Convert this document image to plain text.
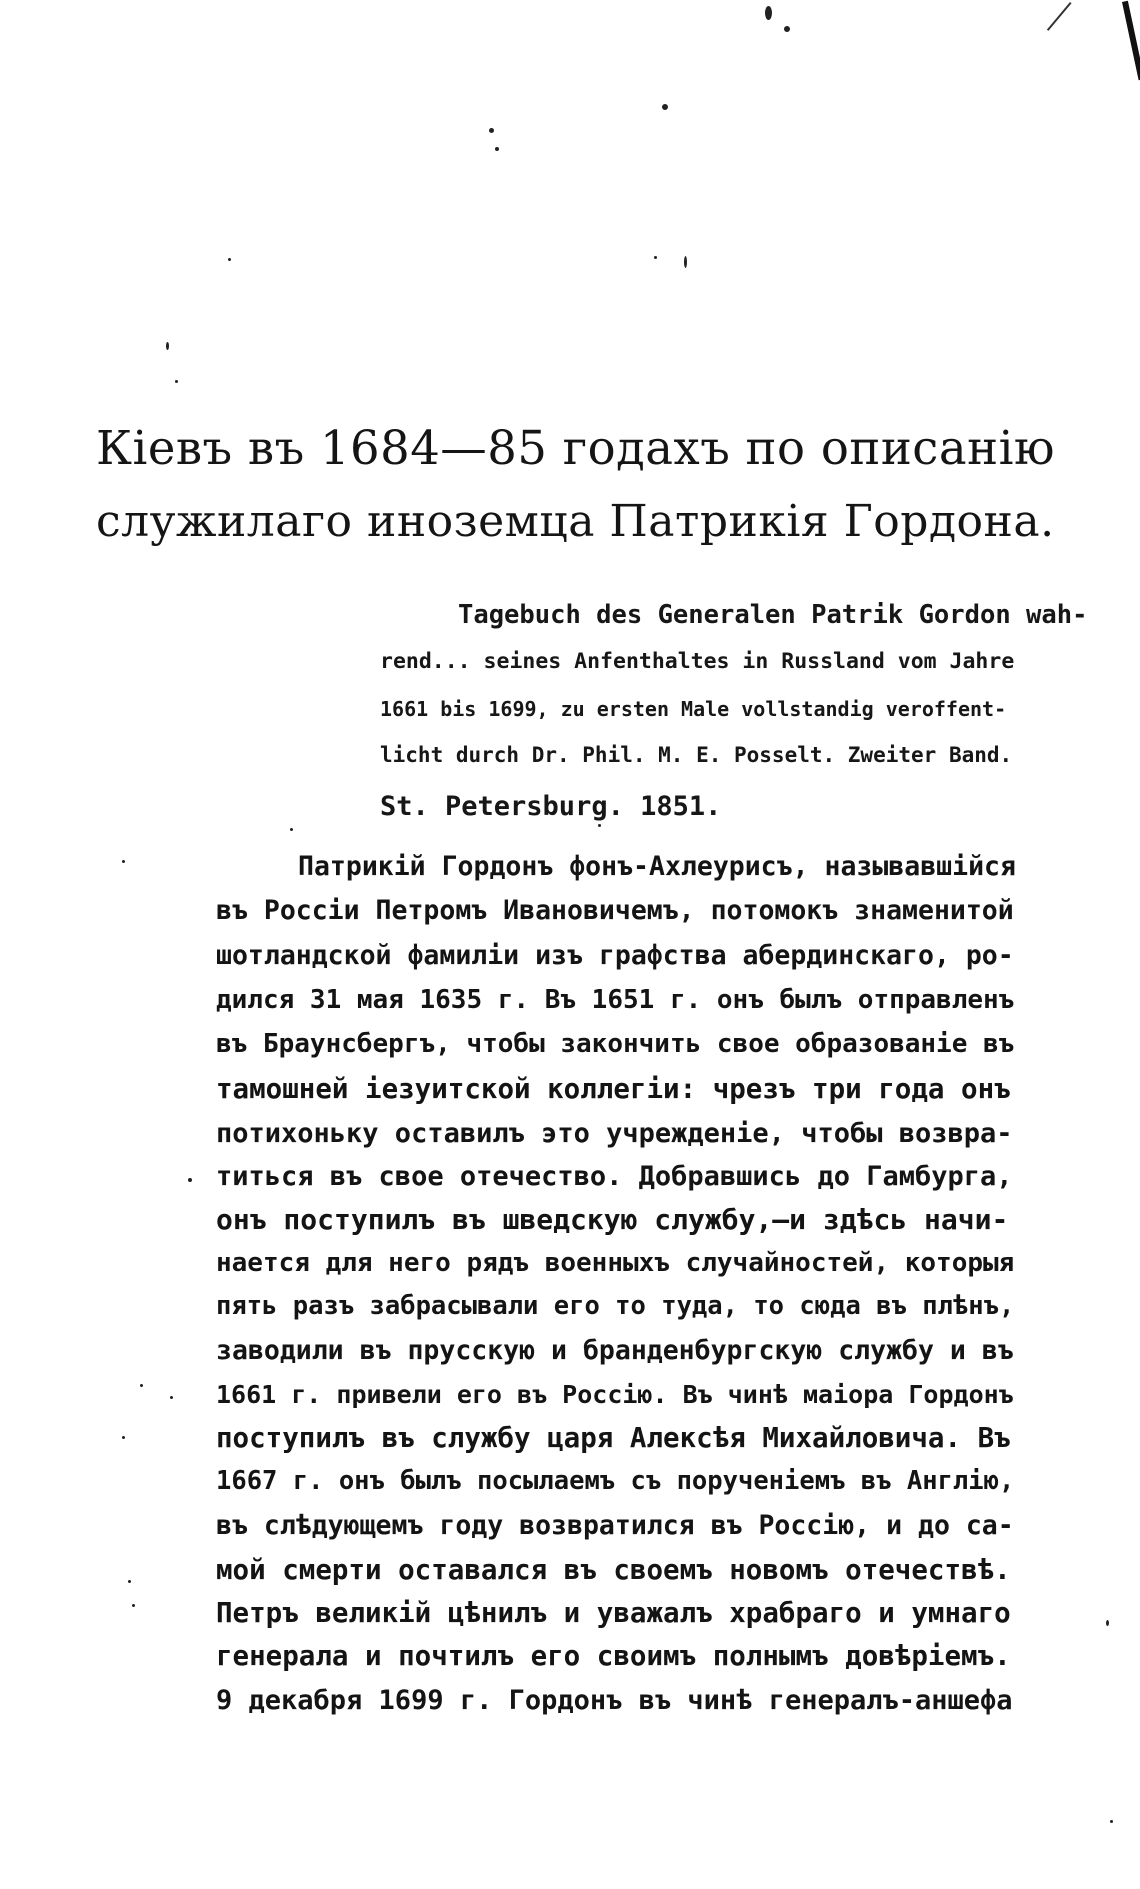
Кіевъ въ 1684—85 годахъ по описанію
служилаго иноземца Патрикія Гордона.
Tagebuch des Generalen Patrik Gordon wah-
rend... seines Anfenthaltes in Russland vom Jahre
1661 bis 1699, zu ersten Male vollstandig veroffent-
licht durch Dr. Phil. M. E. Posselt. Zweiter Band.
St. Petersburg. 1851.
Патрикій Гордонъ фонъ-Ахлеурисъ, называвшійся
въ Россіи Петромъ Ивановичемъ, потомокъ знаменитой
шотландской фамиліи изъ графства абердинскаго, ро-
дился 31 мая 1635 г. Въ 1651 г. онъ былъ отправленъ
въ Браунсбергъ, чтобы закончить свое образованіе въ
тамошней іезуитской коллегіи: чрезъ три года онъ
потихоньку оставилъ это учрежденіе, чтобы возвра-
титься въ свое отечество. Добравшись до Гамбурга,
онъ поступилъ въ шведскую службу,—и здѣсь начи-
нается для него рядъ военныхъ случайностей, которыя
пять разъ забрасывали его то туда, то сюда въ плѣнъ,
заводили въ прусскую и бранденбургскую службу и въ
1661 г. привели его въ Россію. Въ чинѣ маіора Гордонъ
поступилъ въ службу царя Алексѣя Михайловича. Въ
1667 г. онъ былъ посылаемъ съ порученіемъ въ Англію,
въ слѣдующемъ году возвратился въ Россію, и до са-
мой смерти оставался въ своемъ новомъ отечествѣ.
Петръ великій цѣнилъ и уважалъ храбраго и умнаго
генерала и почтилъ его своимъ полнымъ довѣріемъ.
9 декабря 1699 г. Гордонъ въ чинѣ генералъ-аншефа
